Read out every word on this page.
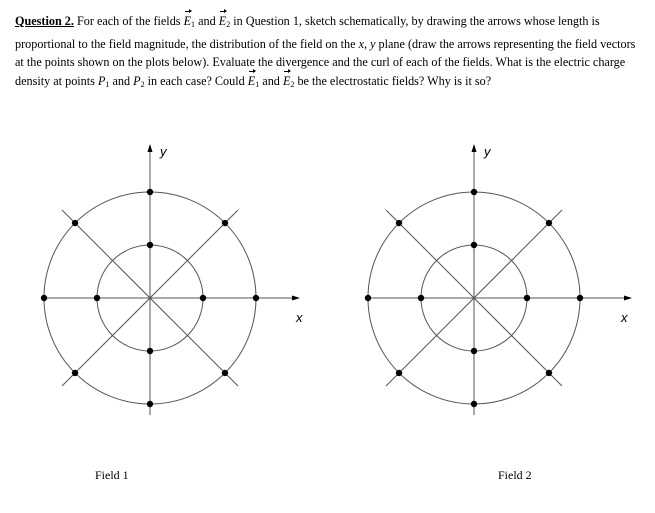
Question 2. For each of the fields $E_1$ and $E_2$ in Question 1, sketch schematically, by drawing the arrows whose length is proportional to the field magnitude, the distribution of the field on the x, y plane (draw the arrows representing the field vectors at the points shown on the plots below). Evaluate the divergence and the curl of each of the fields. What is the electric charge density at points $P_1$ and $P_2$ in each case? Could $E_1$ and $E_2$ be the electrostatic fields? Why is it so?
x
y
x
y
Field 1	Field 2
